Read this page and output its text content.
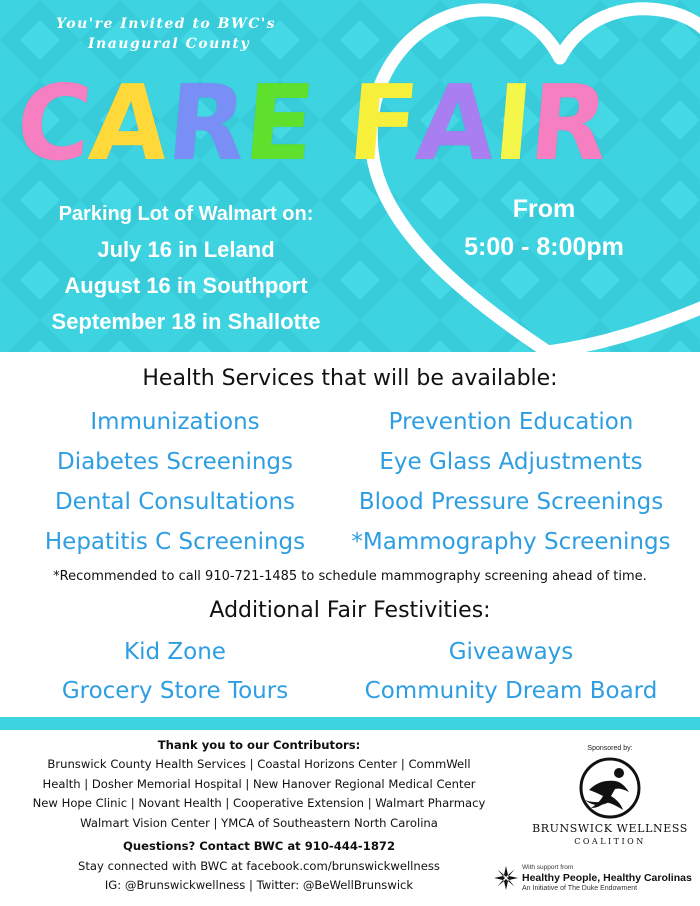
You're Invited to BWC's
Inaugural County
C
A
R
E F
A
I
R
Parking Lot of Walmart on:
July 16 in Leland
August 16 in Southport
September 18 in Shallotte
From
5:00 - 8:00pm
Health Services that will be available:
Immunizations
Diabetes Screenings
Dental Consultations
Hepatitis C Screenings
Prevention Education
Eye Glass Adjustments
Blood Pressure Screenings
*Mammography Screenings
*Recommended to call 910-721-1485 to schedule mammography screening ahead of time.
Additional Fair Festivities:
Kid Zone
Grocery Store Tours
Giveaways
Community Dream Board
Thank you to our Contributors:
Brunswick County Health Services | Coastal Horizons Center | CommWell
Health | Dosher Memorial Hospital | New Hanover Regional Medical Center
New Hope Clinic | Novant Health | Cooperative Extension | Walmart Pharmacy
Walmart Vision Center | YMCA of Southeastern North Carolina
Questions? Contact BWC at 910-444-1872
Stay connected with BWC at facebook.com/brunswickwellness
IG: @Brunswickwellness | Twitter: @BeWellBrunswick
Sponsored by:
BRUNSWICK WELLNESS
COALITION
With support from
Healthy People, Healthy Carolinas
An Initiative of The Duke Endowment
